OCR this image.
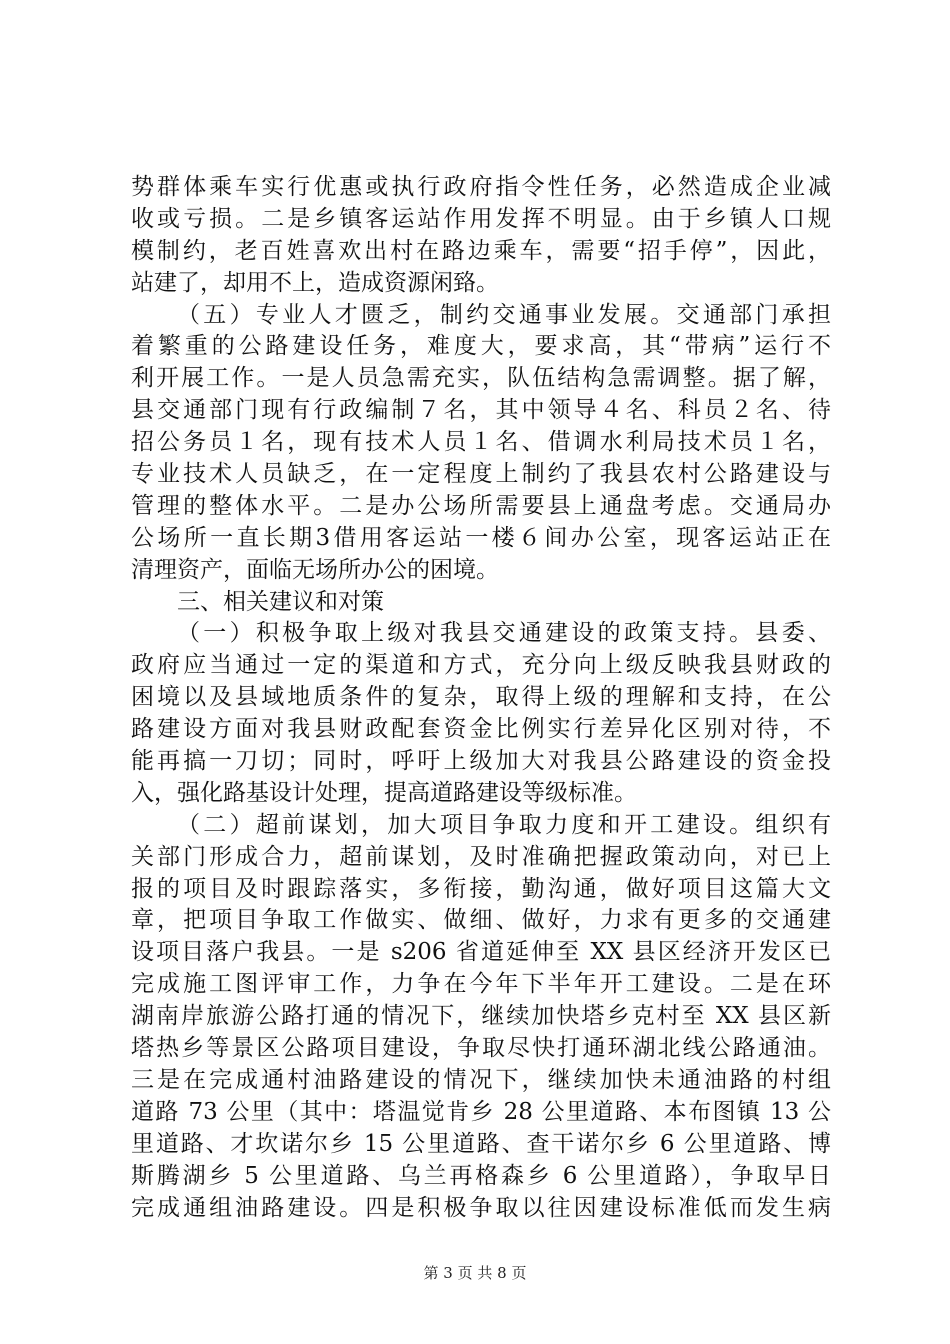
势群体乘车实行优惠或执行政府指令性任务，必然造成企业减
收或亏损。二是乡镇客运站作用发挥不明显。由于乡镇人口规
模制约，老百姓喜欢出村在路边乘车，需要“招手停”，因此，
站建了，却用不上，造成资源闲臵。
（五）专业人才匮乏，制约交通事业发展。交通部门承担
着繁重的公路建设任务，难度大，要求高，其“带病”运行不
利开展工作。一是人员急需充实，队伍结构急需调整。据了解，
县交通部门现有行政编制７名，其中领导４名、科员２名、待
招公务员１名，现有技术人员１名、借调水利局技术员１名，
专业技术人员缺乏，在一定程度上制约了我县农村公路建设与
管理的整体水平。二是办公场所需要县上通盘考虑。交通局办
公场所一直长期3借用客运站一楼６间办公室，现客运站正在
清理资产，面临无场所办公的困境。
三、相关建议和对策
（一）积极争取上级对我县交通建设的政策支持。县委、
政府应当通过一定的渠道和方式，充分向上级反映我县财政的
困境以及县域地质条件的复杂，取得上级的理解和支持，在公
路建设方面对我县财政配套资金比例实行差异化区别对待，不
能再搞一刀切；同时，呼吁上级加大对我县公路建设的资金投
入，强化路基设计处理，提高道路建设等级标准。
（二）超前谋划，加大项目争取力度和开工建设。组织有
关部门形成合力，超前谋划，及时准确把握政策动向，对已上
报的项目及时跟踪落实，多衔接，勤沟通，做好项目这篇大文
章，把项目争取工作做实、做细、做好，力求有更多的交通建
设项目落户我县。一是 s206 省道延伸至 XX 县区经济开发区已
完成施工图评审工作，力争在今年下半年开工建设。二是在环
湖南岸旅游公路打通的情况下，继续加快塔乡克村至 XX 县区新
塔热乡等景区公路项目建设，争取尽快打通环湖北线公路通油。
三是在完成通村油路建设的情况下，继续加快未通油路的村组
道路 73 公里（其中：塔温觉肯乡 28 公里道路、本布图镇 13 公
里道路、才坎诺尔乡 15 公里道路、查干诺尔乡 6 公里道路、博
斯腾湖乡 5 公里道路、乌兰再格森乡 6 公里道路），争取早日
完成通组油路建设。四是积极争取以往因建设标准低而发生病
第 3 页 共 8 页
